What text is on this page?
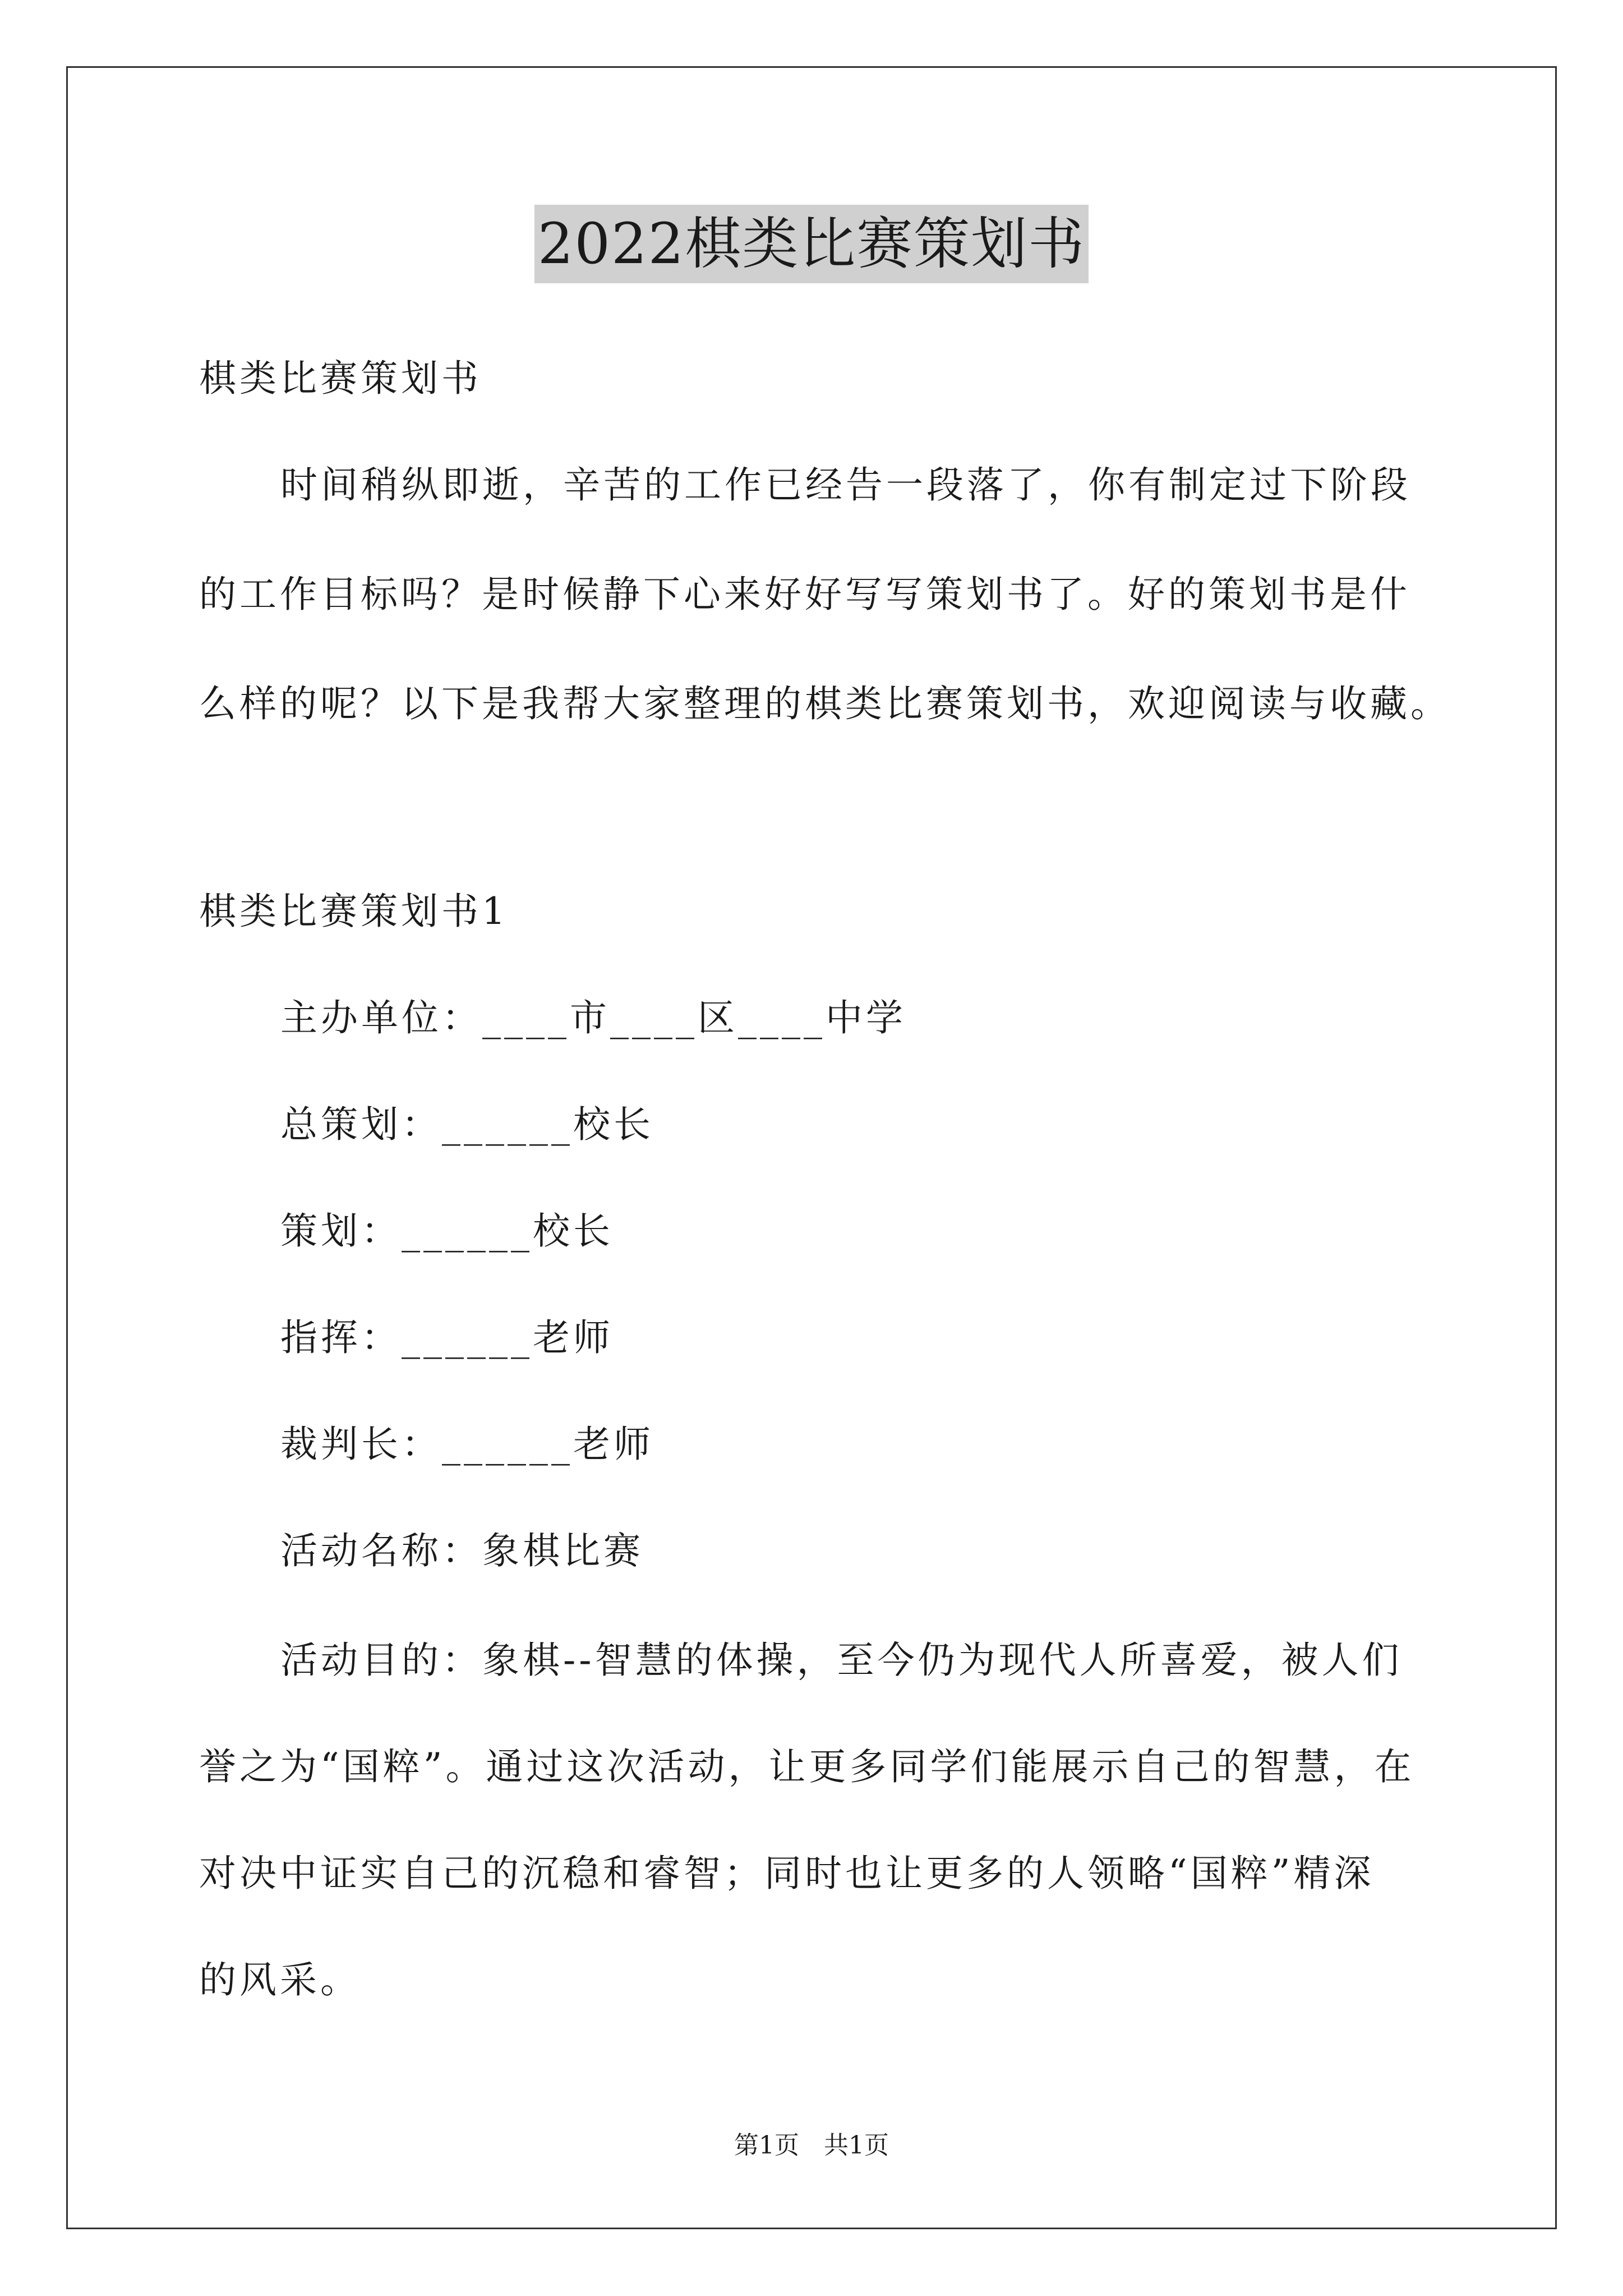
2022棋类比赛策划书
棋类比赛策划书
时间稍纵即逝，辛苦的工作已经告一段落了，你有制定过下阶段
的工作目标吗？是时候静下心来好好写写策划书了。好的策划书是什
么样的呢？以下是我帮大家整理的棋类比赛策划书，欢迎阅读与收藏。
棋类比赛策划书1
主办单位：____市____区____中学
总策划：______校长
策划：______校长
指挥：______老师
裁判长：______老师
活动名称：象棋比赛
活动目的：象棋--智慧的体操，至今仍为现代人所喜爱，被人们
誉之为“国粹”。通过这次活动，让更多同学们能展示自己的智慧，在
对决中证实自己的沉稳和睿智；同时也让更多的人领略“国粹”精深
的风采。
第1页 共1页
